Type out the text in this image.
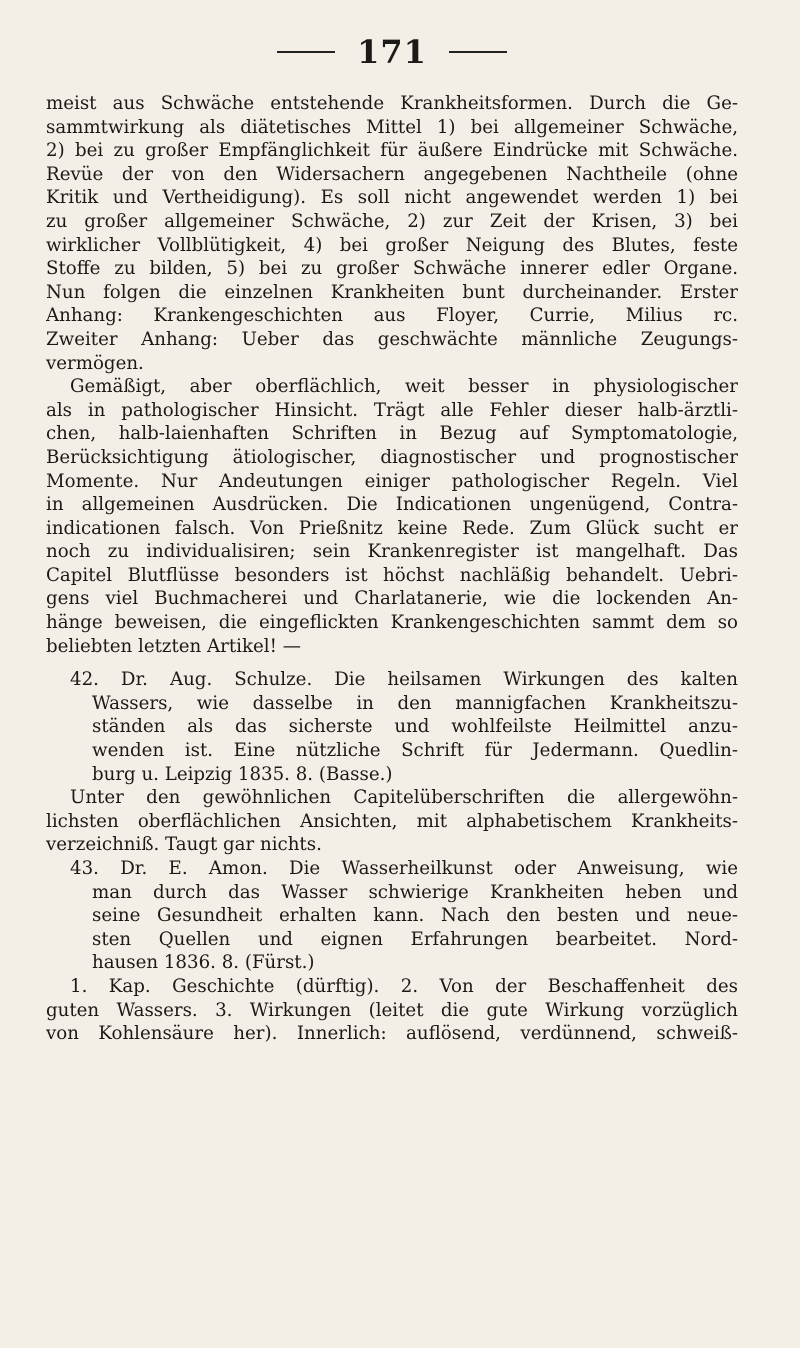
171
meist aus Schwäche entstehende Krankheitsformen. Durch die Ge-
sammtwirkung als diätetisches Mittel 1) bei allgemeiner Schwäche,
2) bei zu großer Empfänglichkeit für äußere Eindrücke mit Schwäche.
Revüe der von den Widersachern angegebenen Nachtheile (ohne
Kritik und Vertheidigung). Es soll nicht angewendet werden 1) bei
zu großer allgemeiner Schwäche, 2) zur Zeit der Krisen, 3) bei
wirklicher Vollblütigkeit, 4) bei großer Neigung des Blutes, feste
Stoffe zu bilden, 5) bei zu großer Schwäche innerer edler Organe.
Nun folgen die einzelnen Krankheiten bunt durcheinander. Erster
Anhang: Krankengeschichten aus Floyer, Currie, Milius rc.
Zweiter Anhang: Ueber das geschwächte männliche Zeugungs-
vermögen.
Gemäßigt, aber oberflächlich, weit besser in physiologischer
als in pathologischer Hinsicht. Trägt alle Fehler dieser halb-ärztli-
chen, halb-laienhaften Schriften in Bezug auf Symptomatologie,
Berücksichtigung ätiologischer, diagnostischer und prognostischer
Momente. Nur Andeutungen einiger pathologischer Regeln. Viel
in allgemeinen Ausdrücken. Die Indicationen ungenügend, Contra-
indicationen falsch. Von Prießnitz keine Rede. Zum Glück sucht er
noch zu individualisiren; sein Krankenregister ist mangelhaft. Das
Capitel Blutflüsse besonders ist höchst nachläßig behandelt. Uebri-
gens viel Buchmacherei und Charlatanerie, wie die lockenden An-
hänge beweisen, die eingeflickten Krankengeschichten sammt dem so
beliebten letzten Artikel! —
42. Dr. Aug. Schulze. Die heilsamen Wirkungen des kalten
Wassers, wie dasselbe in den mannigfachen Krankheitszu-
ständen als das sicherste und wohlfeilste Heilmittel anzu-
wenden ist. Eine nützliche Schrift für Jedermann. Quedlin-
burg u. Leipzig 1835. 8. (Basse.)
Unter den gewöhnlichen Capitelüberschriften die allergewöhn-
lichsten oberflächlichen Ansichten, mit alphabetischem Krankheits-
verzeichniß. Taugt gar nichts.
43. Dr. E. Amon. Die Wasserheilkunst oder Anweisung, wie
man durch das Wasser schwierige Krankheiten heben und
seine Gesundheit erhalten kann. Nach den besten und neue-
sten Quellen und eignen Erfahrungen bearbeitet. Nord-
hausen 1836. 8. (Fürst.)
1. Kap. Geschichte (dürftig). 2. Von der Beschaffenheit des
guten Wassers. 3. Wirkungen (leitet die gute Wirkung vorzüglich
von Kohlensäure her). Innerlich: auflösend, verdünnend, schweiß-
